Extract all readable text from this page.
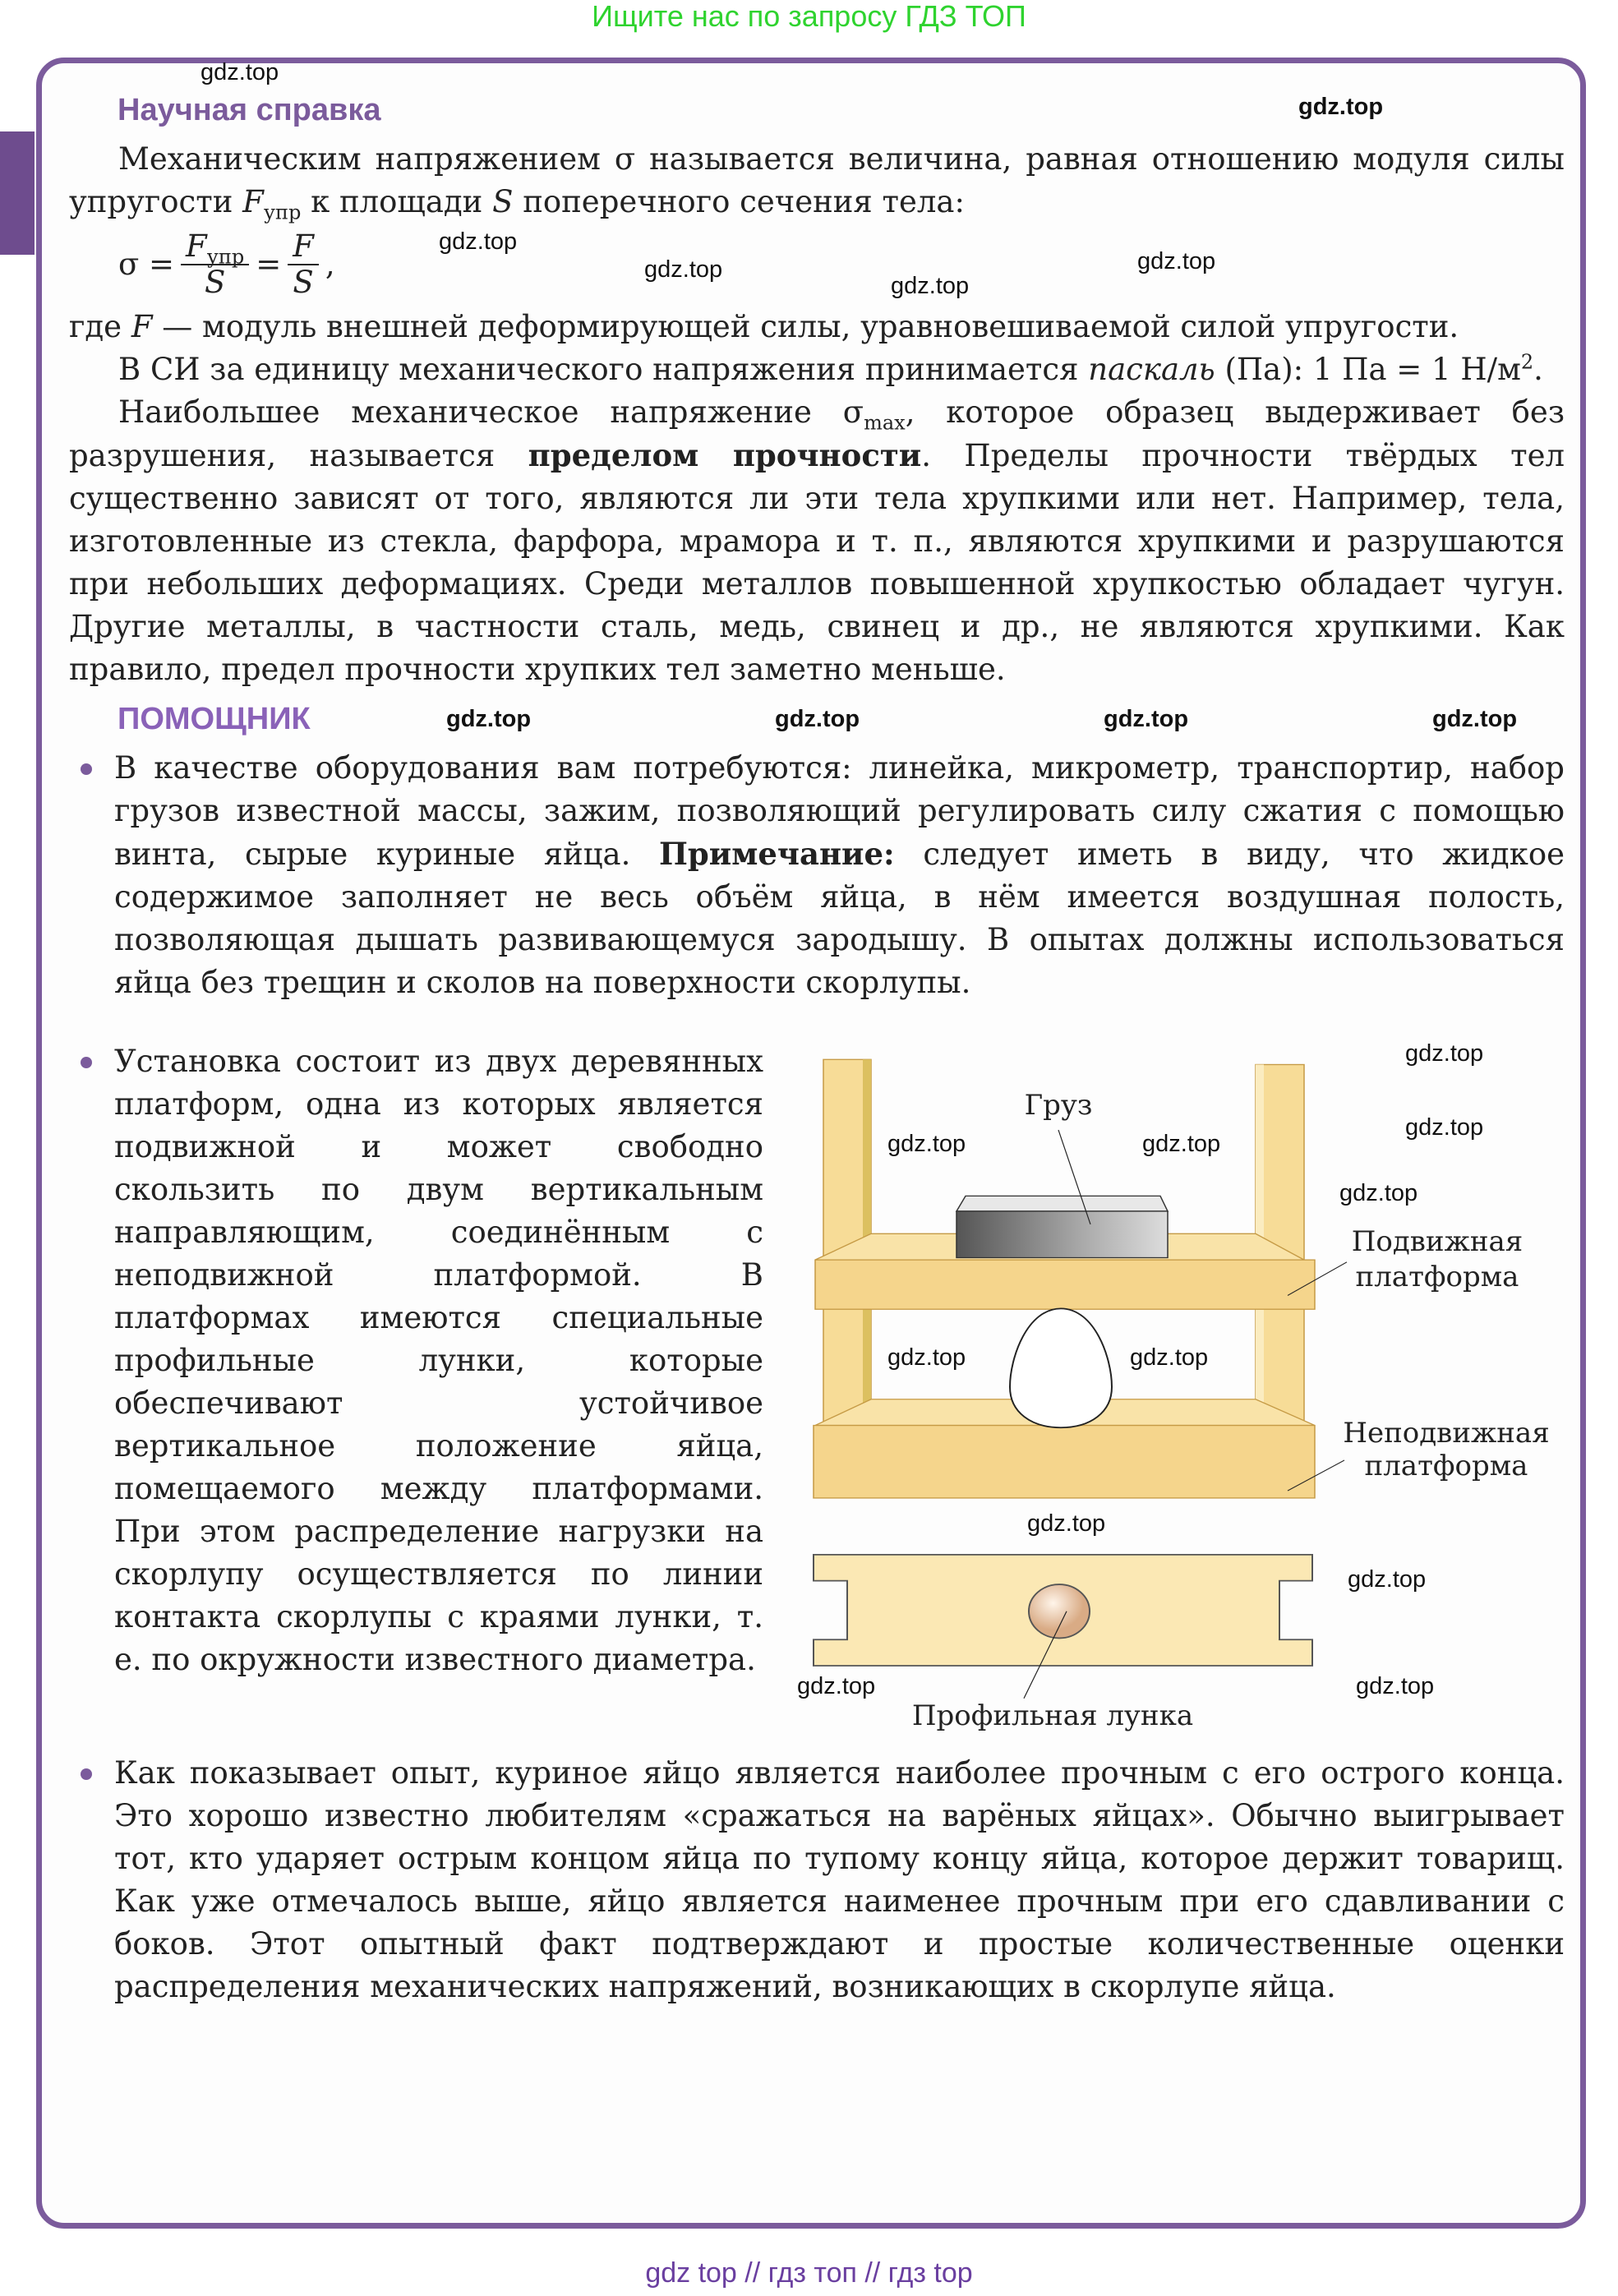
Ищите нас по запросу ГДЗ ТОП
gdz.top
Научная справка	gdz.top

Механическим напряжением σ называется величина, равная отношению модуля силы упругости $F_{упр}$ к площади S поперечного сечения тела:

$\sigma = \frac{F_{упр}}{S} = \frac{F}{S}$ ,
gdz.top
gdz.top
gdz.top
gdz.top

где F — модуль внешней деформирующей силы, уравновешиваемой силой упругости.

В СИ за единицу механического напряжения принимается паскаль (Па): 1 Па = 1 $Н/м^2$.

Наибольшее механическое напряжение $\sigma_{max}$, которое образец выдерживает без разрушения, называется пределом прочности. Пределы прочности твёрдых тел существенно зависят от того, являются ли эти тела хрупкими или нет. Например, тела, изготовленные из стекла, фарфора, мрамора и т. п., являются хрупкими и разрушаются при небольших деформациях. Среди металлов повышенной хрупкостью обладает чугун. Другие металлы, в частности сталь, медь, свинец и др., не являются хрупкими. Как правило, предел прочности хрупких тел заметно меньше.

ПОМОЩНИК	gdz.top	gdz.top	gdz.top	gdz.top
В качестве оборудования вам потребуются: линейка, микрометр, транспортир, набор грузов известной массы, зажим, позволяющий регулировать силу сжатия с помощью винта, сырые куриные яйца. Примечание: следует иметь в виду, что жидкое содержимое заполняет не весь объём яйца, в нём имеется воздушная полость, позволяющая дышать развивающемуся зародышу. В опытах должны использоваться яйца без трещин и сколов на поверхности скорлупы.
Установка состоит из двух деревянных платформ, одна из которых является подвижной и может свободно скользить по двум вертикальным направляющим, соединённым с неподвижной платформой. В платформах имеются специальные профильные лунки, которые обеспечивают устойчивое вертикальное положение яйца, помещаемого между платформами. При этом распределение нагрузки на скорлупу осуществляется по линии контакта скорлупы с краями лунки, т. е. по окружности известного диаметра.
Груз
Подвижная
платформа
Неподвижная
платформа
Профильная лунка
gdz.top
gdz.top
gdz.top
gdz.top	gdz.top
gdz.top	gdz.top
gdz.top
gdz.top
gdz.top	gdz.top
Как показывает опыт, куриное яйцо является наиболее прочным с его острого конца. Это хорошо известно любителям «сражаться на варёных яйцах». Обычно выигрывает тот, кто ударяет острым концом яйца по тупому концу яйца, которое держит товарищ. Как уже отмечалось выше, яйцо является наименее прочным при его сдавливании с боков. Этот опытный факт подтверждают и простые количественные оценки распределения механических напряжений, возникающих в скорлупе яйца.
gdz top // гдз топ // гдз top
